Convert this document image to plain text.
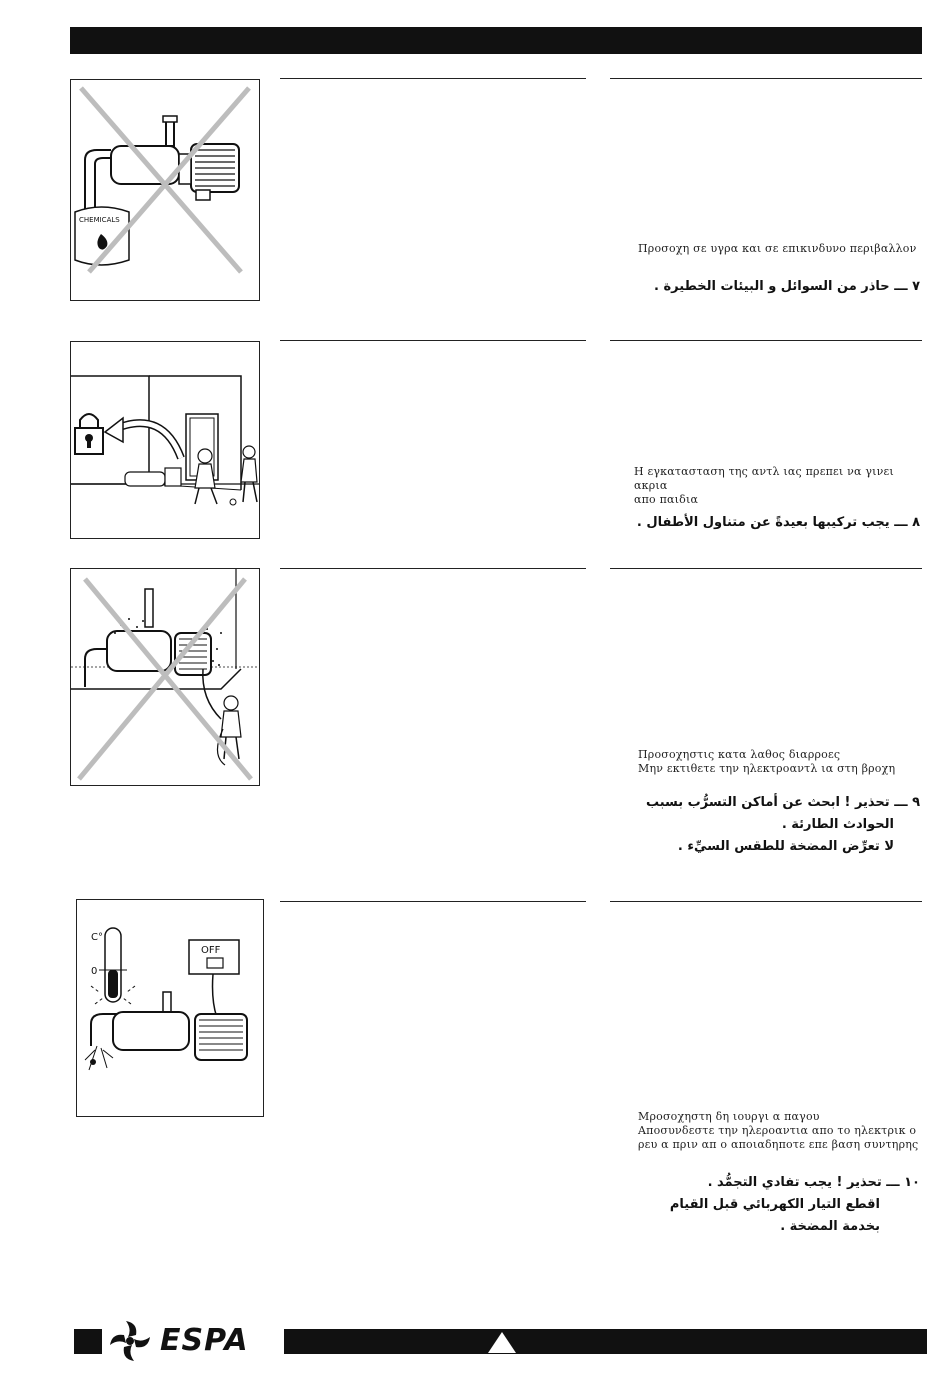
CHEMICALS
Προσοχη σε υγρα και σε επικινδυνο περιβαλλον
٧ ـــ حاذر من السوائل و البيئات الخطيرة .
Η εγκατασταση της αντλ ιας πρεπει να γινει ακρια
απο παιδια
٨ ـــ يجب تركيبها بعيدةً عن متناول الأطفال .
Προσοχηστις κατα λαθος διαρροες
Μην εκτιθετε την ηλεκτροαντλ ια στη βροχη
٩ ـــ تحذير ! ابحث عن أماكن التسرُّب بسبب
الحوادث الطارئة .
لا تعرِّض المضخة للطقس السيِّء .
C°
0
OFF
Μροσοχηστη δη ιουργι α παγου
Αποσυνδεστε την ηλεροαντια απο το ηλεκτρικ ο
ρευ α πριν απ ο αποιαδηποτε επε βαση συντηρης
١٠ ـــ تحذير ! يجب تفادي التجمُّد .
اقطع التيار الكهربائي قبل القيام
بخدمة المضخة .
ESPA
